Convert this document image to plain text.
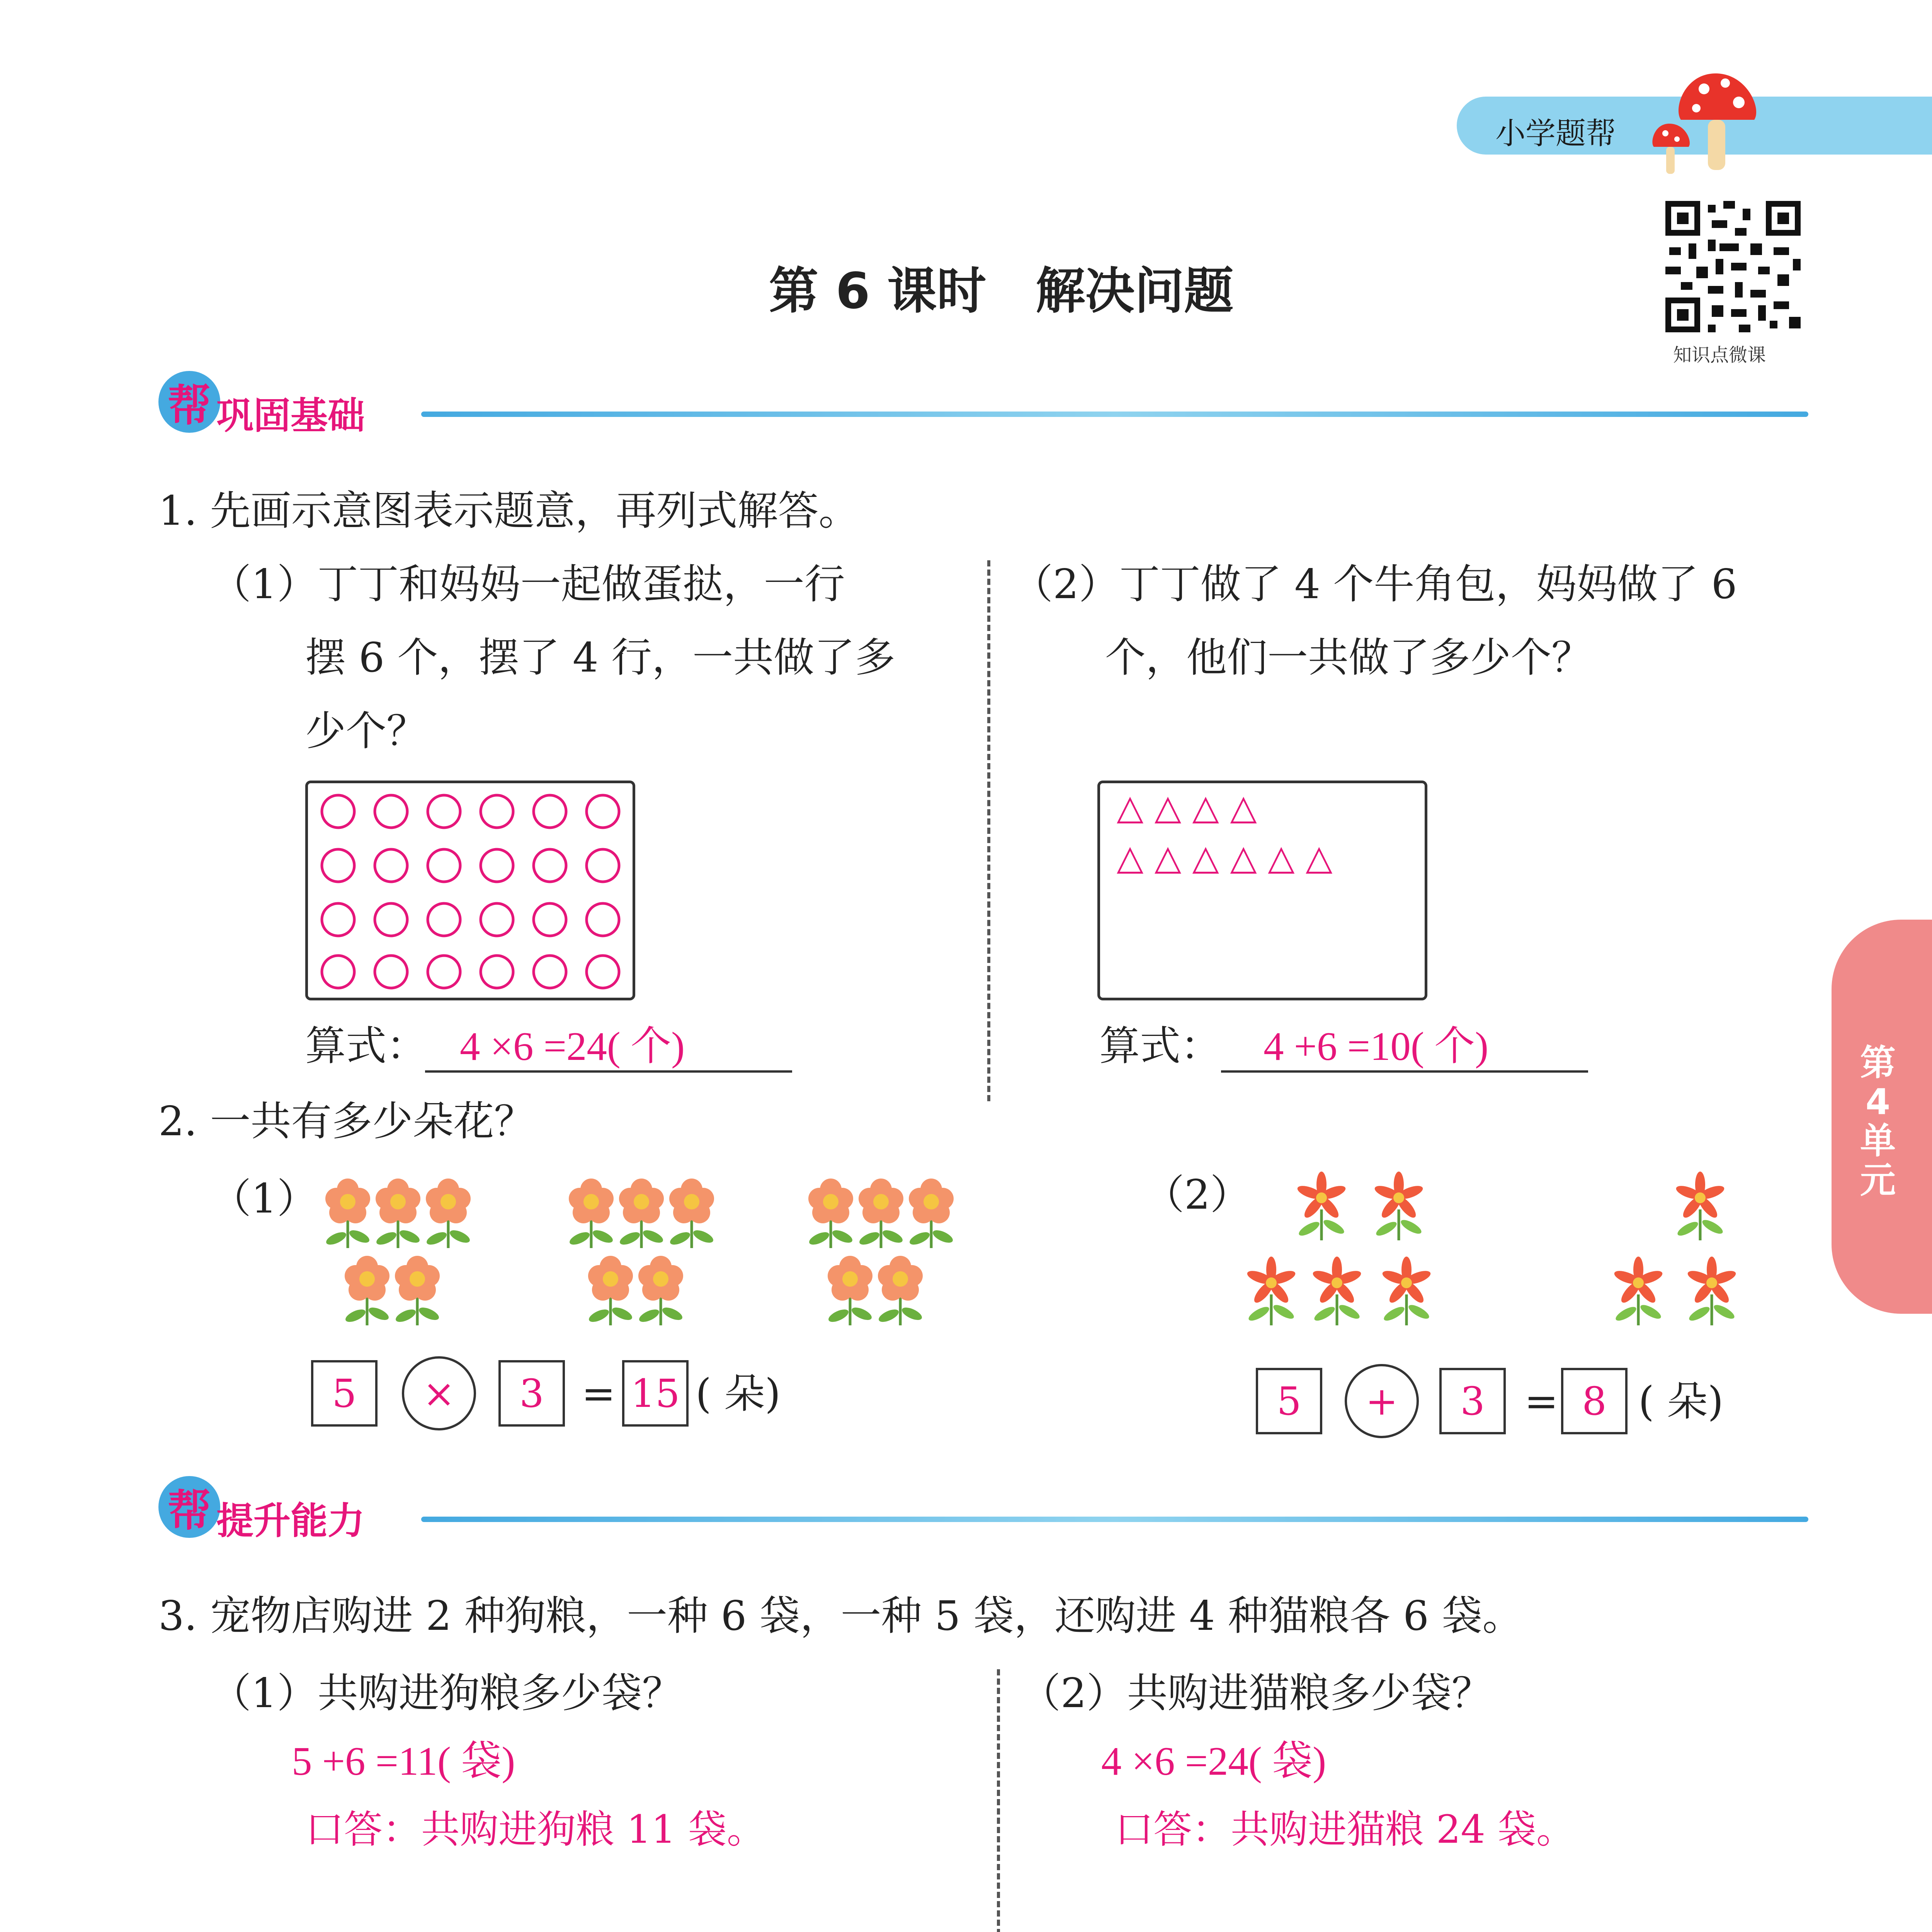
小学题帮
第 6 课时　解决问题
知识点微课
帮 巩固基础
1. 先画示意图表示题意，再列式解答。
（1）丁丁和妈妈一起做蛋挞，一行
摆 6 个，摆了 4 行，一共做了多
少个？
算式： 4 ×6 =24( 个)
（2）丁丁做了 4 个牛角包，妈妈做了 6
个，他们一共做了多少个？
△ △ △ △
△ △ △ △ △ △
算式： 4 +6 =10( 个)
2. 一共有多少朵花？
（1）
5 × 3 = 15 ( 朵)
（2）
5 + 3 = 8 ( 朵)
帮 提升能力
3. 宠物店购进 2 种狗粮，一种 6 袋，一种 5 袋，还购进 4 种猫粮各 6 袋。
（1）共购进狗粮多少袋？
5 +6 =11( 袋)
口答：共购进狗粮 11 袋。
（2）共购进猫粮多少袋？
4 ×6 =24( 袋)
口答：共购进猫粮 24 袋。
第4单元
